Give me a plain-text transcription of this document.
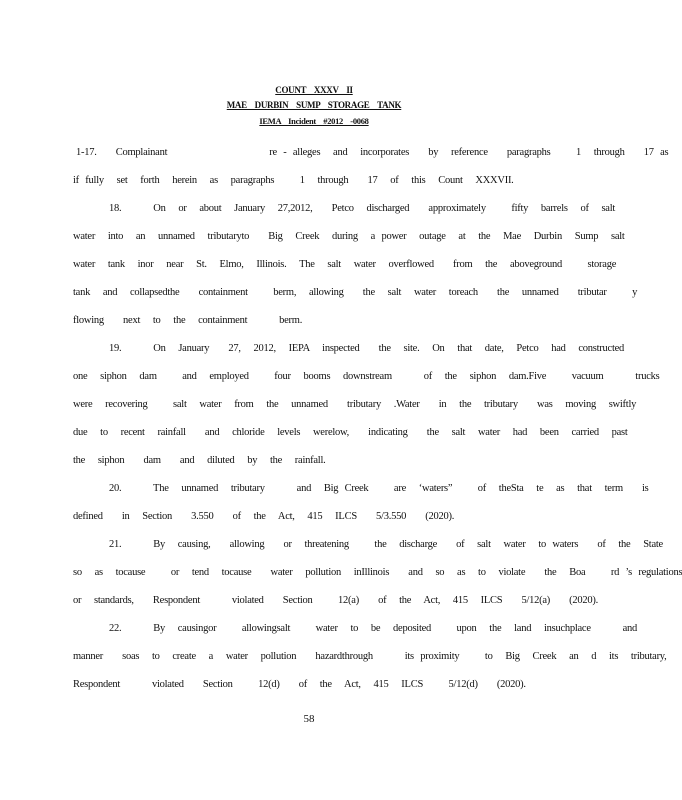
COUNT    XXXV    II
MAE    DURBIN    SUMP    STORAGE    TANK
IEMA    Incident    #2012    -0068
1-17.   Complainant                re - alleges  and  incorporates   by  reference   paragraphs    1  through   17 as
if fully  set  forth  herein  as  paragraphs    1  through   17  of  this  Count  XXXVII.
18.     On  or  about  January  27,2012,   Petco  discharged   approximately    fifty  barrels  of  salt
water  into  an  unnamed  tributaryto   Big  Creek  during  a power  outage  at  the  Mae  Durbin  Sump  salt
water  tank  inor  near  St.  Elmo,  Illinois.  The  salt  water  overflowed   from  the  aboveground    storage
tank  and  collapsedthe   containment    berm,  allowing   the  salt  water  toreach   the  unnamed   tributar    y
flowing   next  to  the  containment     berm.
19.     On  January   27,  2012,  IEPA  inspected   the  site.  On  that  date,  Petco  had  constructed
one  siphon  dam    and  employed    four  booms  downstream     of  the  siphon  dam.Five    vacuum     trucks
were  recovering    salt  water  from  the  unnamed   tributary  .Water   in  the  tributary   was  moving  swiftly
due  to  recent  rainfall   and  chloride  levels  werelow,   indicating   the  salt  water  had  been  carried  past
the  siphon   dam   and  diluted  by  the  rainfall.
20.     The  unnamed  tributary     and  Big Creek    are  ‘waters”    of  theSta  te  as  that  term   is
defined   in  Section   3.550   of  the  Act,  415  ILCS   5/3.550   (2020).
21.     By  causing,   allowing   or  threatening    the  discharge   of  salt  water  to waters   of  the  State
so  as  tocause    or  tend  tocause   water  pollution  inIllinois   and  so  as  to  violate   the  Boa    rd ’s regulations
or  standards,   Respondent     violated   Section    12(a)   of  the  Act,  415  ILCS   5/12(a)   (2020).
22.     By  causingor    allowingsalt    water  to  be  deposited    upon  the  land  insuchplace     and
manner   soas  to  create  a  water  pollution   hazardthrough     its proximity    to  Big  Creek  an  d  its  tributary,
Respondent     violated   Section    12(d)   of  the  Act,  415  ILCS    5/12(d)   (2020).
58
